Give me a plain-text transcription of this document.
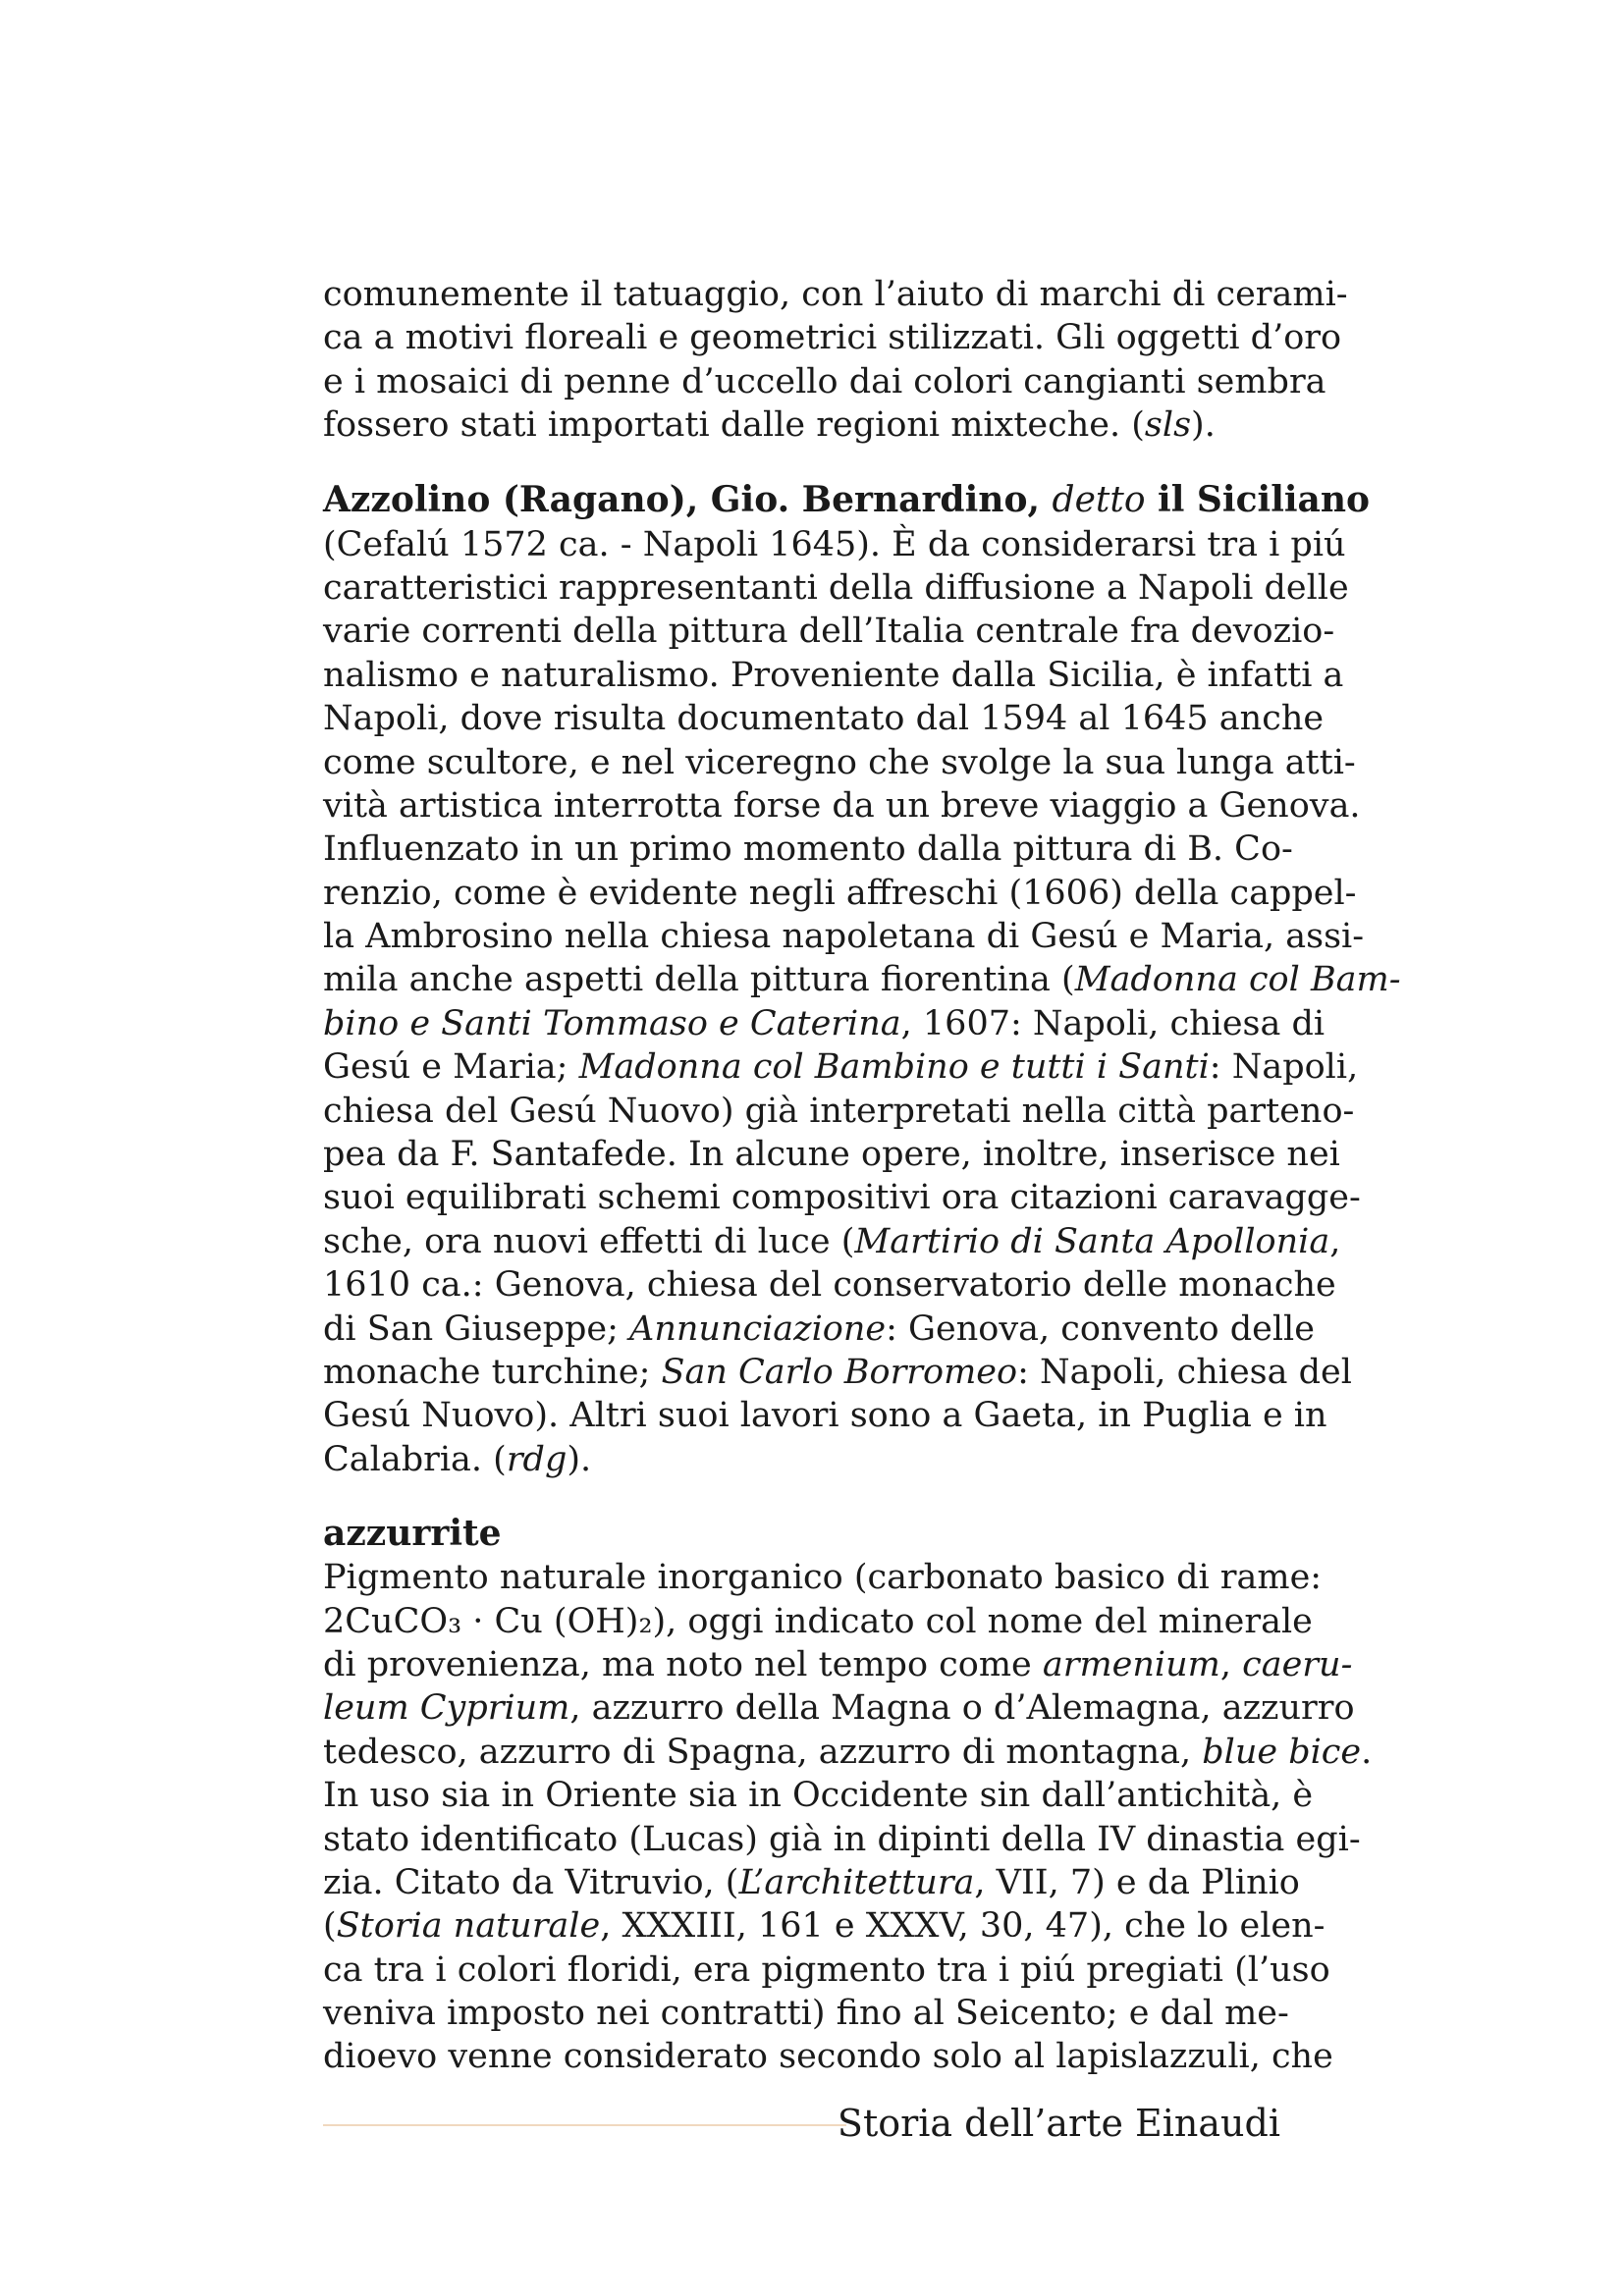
comunemente il tatuaggio, con l’aiuto di marchi di cerami-
ca a motivi floreali e geometrici stilizzati. Gli oggetti d’oro
e i mosaici di penne d’uccello dai colori cangianti sembra
fossero stati importati dalle regioni mixteche. (sls).
Azzolino (Ragano), Gio. Bernardino, detto il Siciliano
(Cefalú 1572 ca. - Napoli 1645). È da considerarsi tra i piú
caratteristici rappresentanti della diffusione a Napoli delle
varie correnti della pittura dell’Italia centrale fra devozio-
nalismo e naturalismo. Proveniente dalla Sicilia, è infatti a
Napoli, dove risulta documentato dal 1594 al 1645 anche
come scultore, e nel viceregno che svolge la sua lunga atti-
vità artistica interrotta forse da un breve viaggio a Genova.
Influenzato in un primo momento dalla pittura di B. Co-
renzio, come è evidente negli affreschi (1606) della cappel-
la Ambrosino nella chiesa napoletana di Gesú e Maria, assi-
mila anche aspetti della pittura fiorentina (Madonna col Bam-
bino e Santi Tommaso e Caterina, 1607: Napoli, chiesa di
Gesú e Maria; Madonna col Bambino e tutti i Santi: Napoli,
chiesa del Gesú Nuovo) già interpretati nella città parteno-
pea da F. Santafede. In alcune opere, inoltre, inserisce nei
suoi equilibrati schemi compositivi ora citazioni caravagge-
sche, ora nuovi effetti di luce (Martirio di Santa Apollonia,
1610 ca.: Genova, chiesa del conservatorio delle monache
di San Giuseppe; Annunciazione: Genova, convento delle
monache turchine; San Carlo Borromeo: Napoli, chiesa del
Gesú Nuovo). Altri suoi lavori sono a Gaeta, in Puglia e in
Calabria. (rdg).
azzurrite
Pigmento naturale inorganico (carbonato basico di rame:
2CuCO₃ · Cu (OH)₂), oggi indicato col nome del minerale
di provenienza, ma noto nel tempo come armenium, caeru-
leum Cyprium, azzurro della Magna o d’Alemagna, azzurro
tedesco, azzurro di Spagna, azzurro di montagna, blue bice.
In uso sia in Oriente sia in Occidente sin dall’antichità, è
stato identificato (Lucas) già in dipinti della IV dinastia egi-
zia. Citato da Vitruvio, (L’architettura, VII, 7) e da Plinio
(Storia naturale, XXXIII, 161 e XXXV, 30, 47), che lo elen-
ca tra i colori floridi, era pigmento tra i piú pregiati (l’uso
veniva imposto nei contratti) fino al Seicento; e dal me-
dioevo venne considerato secondo solo al lapislazzuli, che
Storia dell’arte Einaudi
